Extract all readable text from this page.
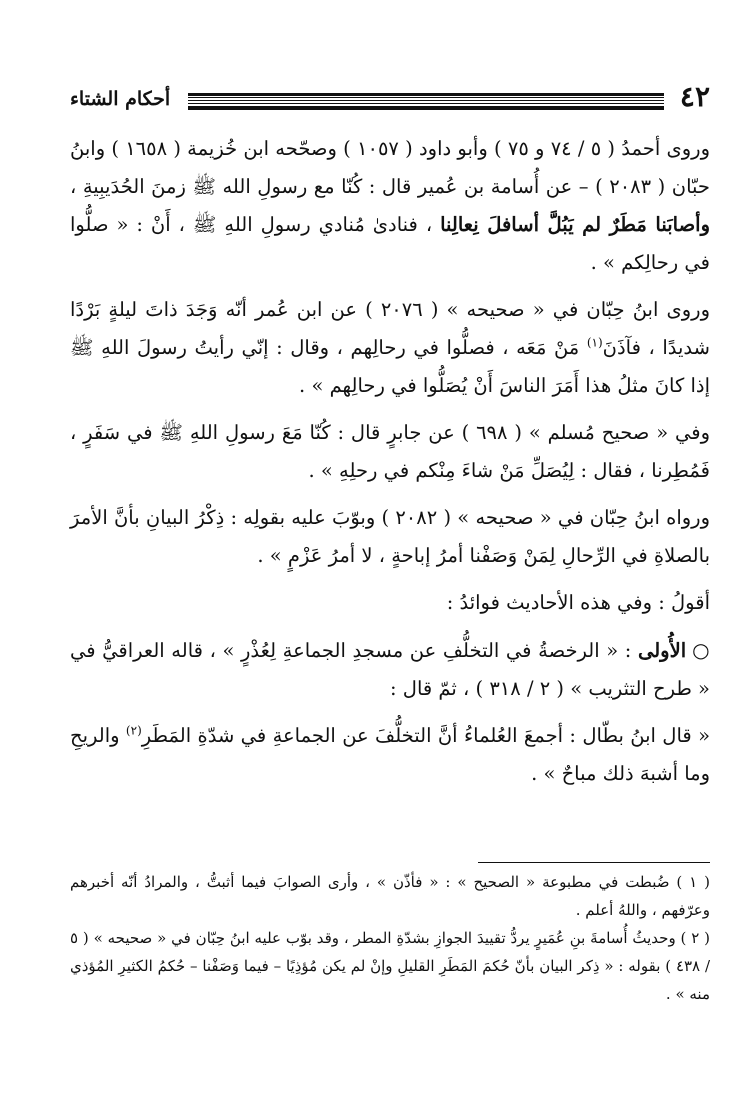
٤٢
أحكام الشتاء

وروى أحمدُ ( ٥ / ٧٤ و ٧٥ ) وأبو داود ( ١٠٥٧ ) وصحّحه ابن خُزيمة ( ١٦٥٨ ) وابنُ حبّان ( ٢٠٨٣ ) – عن أُسامة بن عُمير قال : كُنّا مع رسولِ الله ﷺ زمنَ الحُدَيبِيةِ ، وأصابَنا مَطَرٌ لم يَبُلَّ أسافلَ نِعالِنا ، فنادىٰ مُنادي رسولِ اللهِ ﷺ ، أَنْ : « صلُّوا في رحالِكم » .

وروى ابنُ حِبّان في « صحيحه » ( ٢٠٧٦ ) عن ابن عُمر أنّه وَجَدَ ذاتَ ليلةٍ بَرْدًا شديدًا ، فآذَنَ$^{(١)}$ مَنْ مَعَه ، فصلُّوا في رحالِهم ، وقال : إنّي رأيتُ رسولَ اللهِ ﷺ إذا كانَ مثلُ هذا أَمَرَ الناسَ أَنْ يُصَلُّوا في رحالِهم » .

وفي « صحيح مُسلم » ( ٦٩٨ ) عن جابرٍ قال : كُنّا مَعَ رسولِ اللهِ ﷺ في سَفَرٍ ، فَمُطِرنا ، فقال : لِيُصَلِّ مَنْ شاءَ مِنْكم في رحلِهِ » .

ورواه ابنُ حِبّان في « صحيحه » ( ٢٠٨٢ ) وبوّبَ عليه بقولِه : ذِكْرُ البيانِ بأنَّ الأمرَ بالصلاةِ في الرِّحالِ لِمَنْ وَصَفْنا أمرُ إباحةٍ ، لا أمرُ عَزْمٍ » .

أقولُ : وفي هذه الأحاديث فوائدُ :

○الأُولى : « الرخصةُ في التخلُّفِ عن مسجدِ الجماعةِ لِعُذْرٍ » ، قاله العراقيُّ في « طرح التثريب » ( ٢ / ٣١٨ ) ، ثمّ قال :

« قال ابنُ بطّال : أجمعَ العُلماءُ أنَّ التخلُّفَ عن الجماعةِ في شدّةِ المَطَرِ$^{(٢)}$ والريحِ وما أشبهَ ذلك مباحٌ » .

( ١ ) ضُبطت في مطبوعة « الصحيح » : « فأذّن » ، وأرى الصوابَ فيما أثبتُّ ، والمرادُ أنّه أخبرهم وعرّفهم ، واللهُ أعلم .

( ٢ ) وحديثُ أُسامةَ بنِ عُمَيرٍ يردُّ تقييدَ الجوازِ بشدّةِ المطر ، وقد بوّب عليه ابنُ حِبّان في « صحيحه » ( ٥ / ٤٣٨ ) بقوله : « ذِكر البيان بأنّ حُكمَ المَطَرِ القليلِ وإنْ لم يكن مُؤذِيًا – فيما وَصَفْنا – حُكمُ الكثيرِ المُؤذي منه » .
